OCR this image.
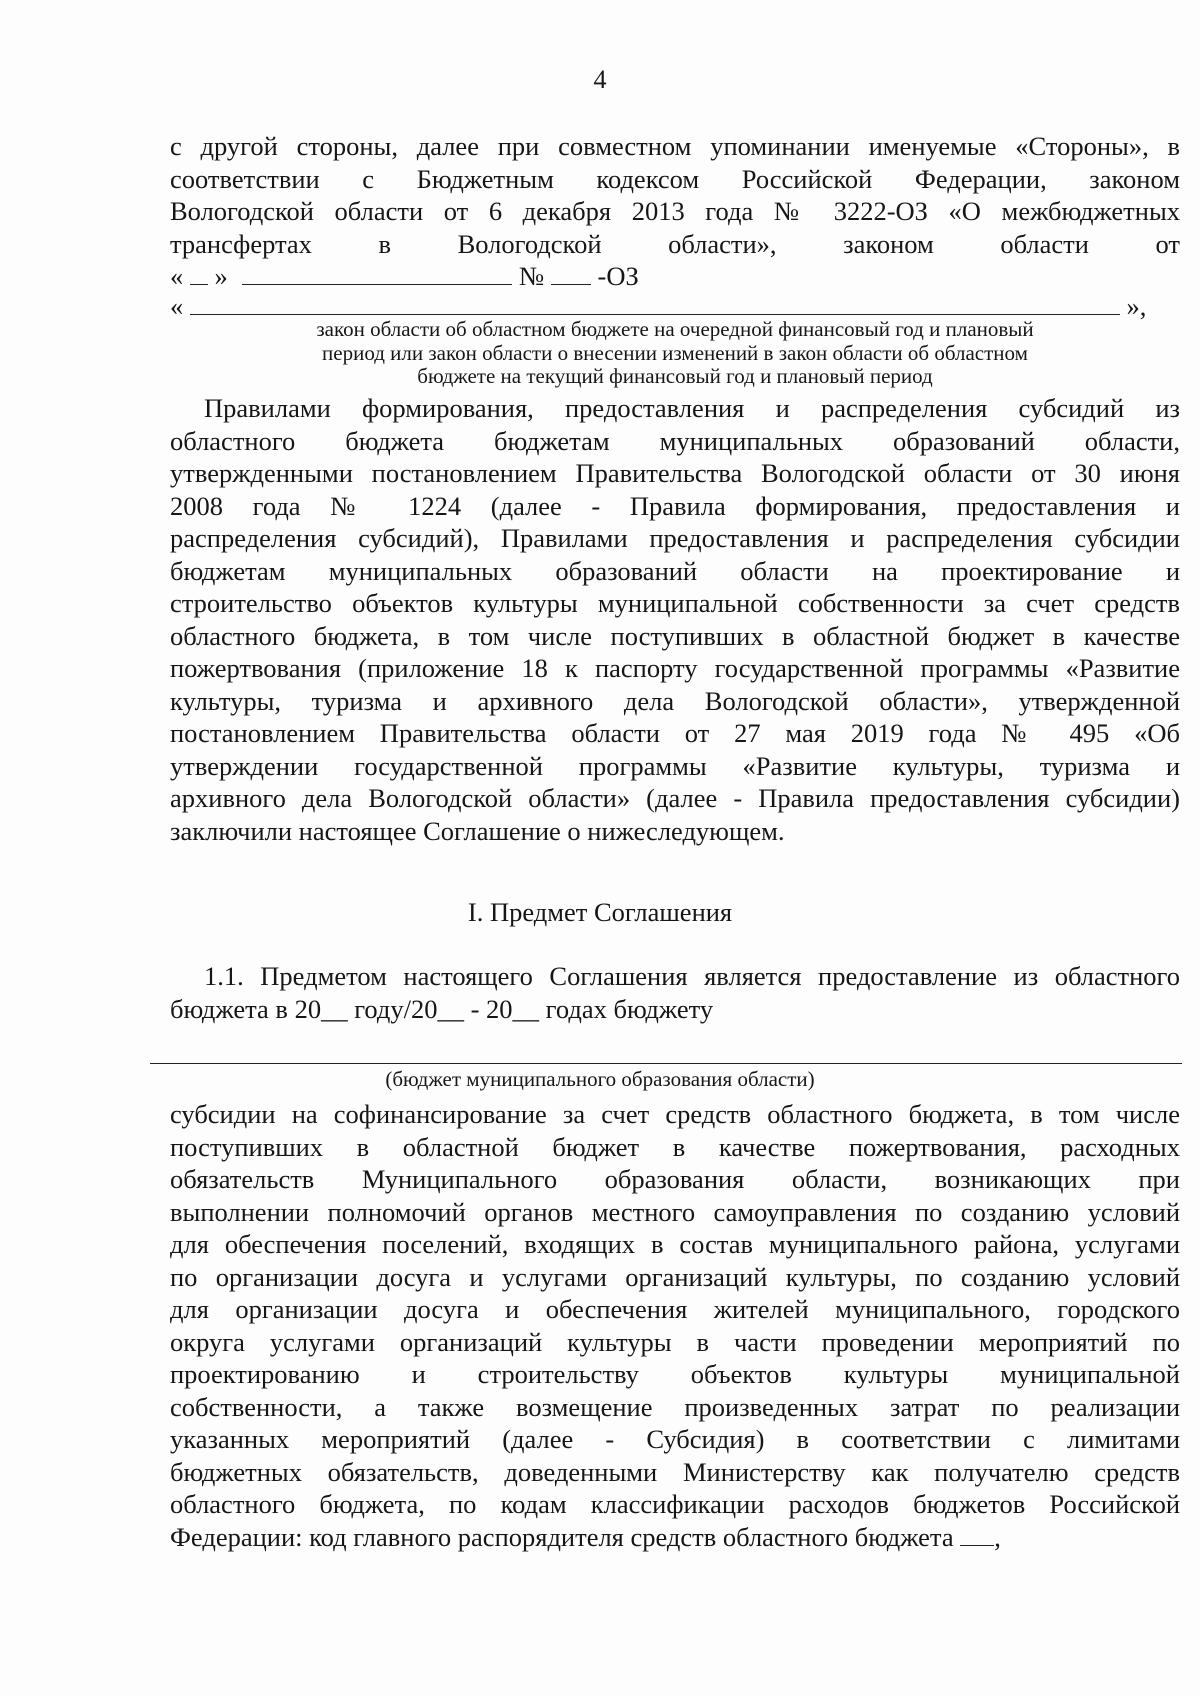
4

с другой стороны, далее при совместном упоминании именуемые «Стороны», в

соответствии с Бюджетным кодексом Российской Федерации, законом

Вологодской области от 6 декабря 2013 года № 3222-ОЗ «О межбюджетных

трансфертах в Вологодской области», законом области от

« »	№ -ОЗ
«	»,

закон области об областном бюджете на очередной финансовый год и плановый

период или закон области о внесении изменений в закон области об областном

бюджете на текущий финансовый год и плановый период

Правилами формирования, предоставления и распределения субсидий из

областного бюджета бюджетам муниципальных образований области,

утвержденными постановлением Правительства Вологодской области от 30 июня

2008 года № 1224 (далее - Правила формирования, предоставления и

распределения субсидий), Правилами предоставления и распределения субсидии

бюджетам муниципальных образований области на проектирование и

строительство объектов культуры муниципальной собственности за счет средств

областного бюджета, в том числе поступивших в областной бюджет в качестве

пожертвования (приложение 18 к паспорту государственной программы «Развитие

культуры, туризма и архивного дела Вологодской области», утвержденной

постановлением Правительства области от 27 мая 2019 года № 495 «Об

утверждении государственной программы «Развитие культуры, туризма и

архивного дела Вологодской области» (далее - Правила предоставления субсидии)

заключили настоящее Соглашение о нижеследующем.

I. Предмет Соглашения

1.1. Предметом настоящего Соглашения является предоставление из областного

бюджета в 20__ году/20__ - 20__ годах бюджету

(бюджет муниципального образования области)

субсидии на софинансирование за счет средств областного бюджета, в том числе

поступивших в областной бюджет в качестве пожертвования, расходных

обязательств Муниципального образования области, возникающих при

выполнении полномочий органов местного самоуправления по созданию условий

для обеспечения поселений, входящих в состав муниципального района, услугами

по организации досуга и услугами организаций культуры, по созданию условий

для организации досуга и обеспечения жителей муниципального, городского

округа услугами организаций культуры в части проведении мероприятий по

проектированию и строительству объектов культуры муниципальной

собственности, а также возмещение произведенных затрат по реализации

указанных мероприятий (далее - Субсидия) в соответствии с лимитами

бюджетных обязательств, доведенными Министерству как получателю средств

областного бюджета, по кодам классификации расходов бюджетов Российской

Федерации: код главного распорядителя средств областного бюджета ,
